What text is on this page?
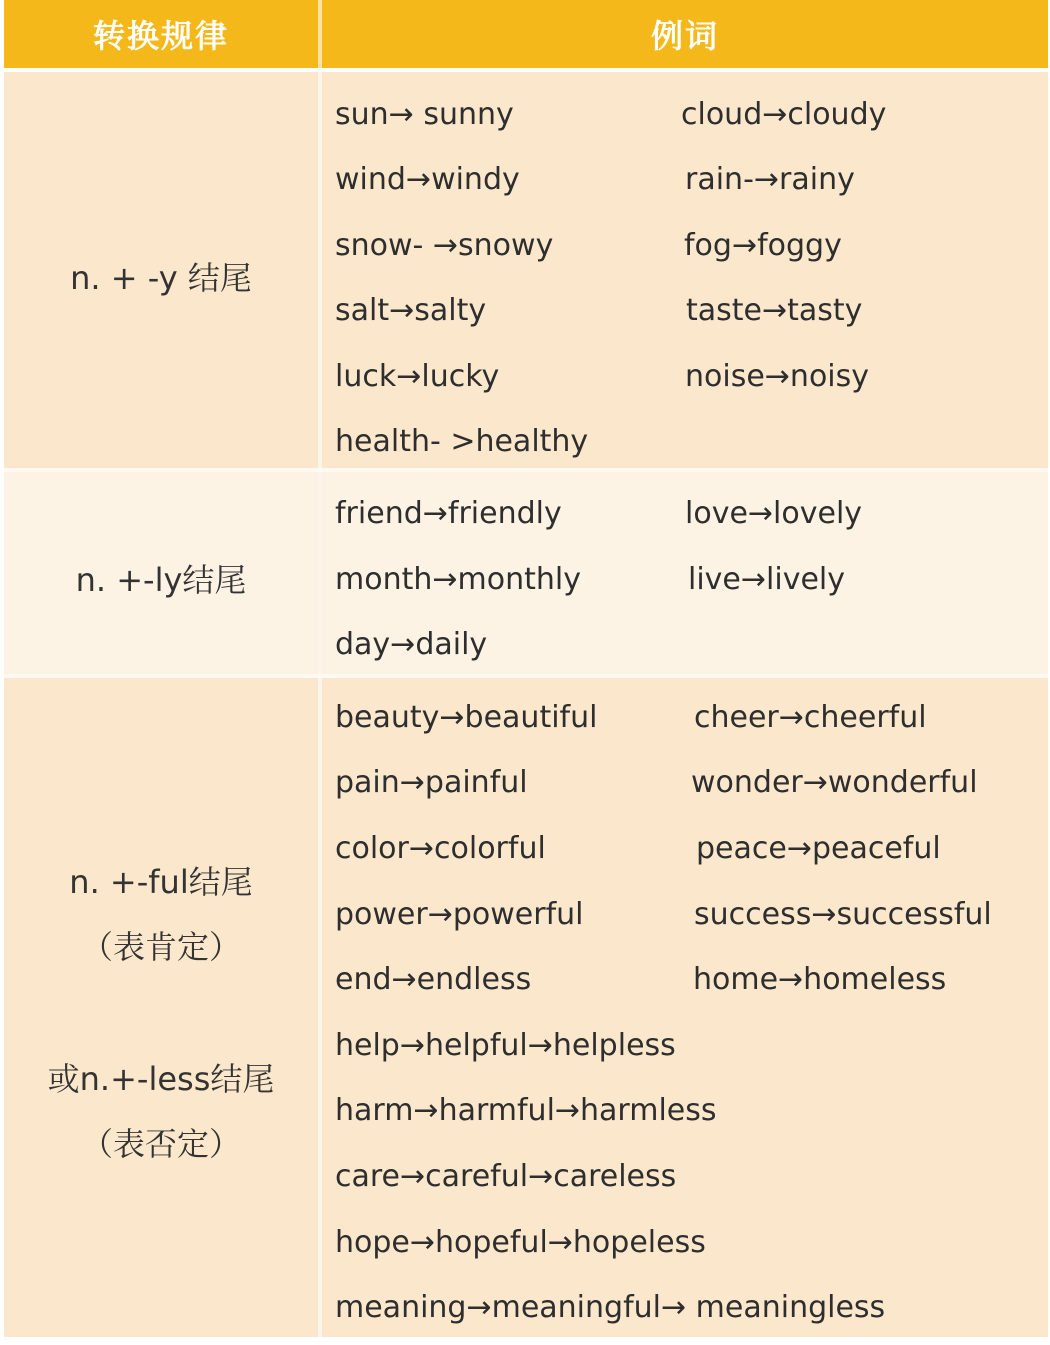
转换规律	例词
n. + -y 结尾
sun→ sunny
wind→windy
snow- →snowy
salt→salty
luck→lucky
health- >healthy
cloud→cloudy
rain-→rainy
fog→foggy
taste→tasty
noise→noisy
n. +-ly结尾
friend→friendly
month→monthly
day→daily
love→lovely
live→lively
n. +-ful结尾
（表肯定）
或n.+-less结尾
（表否定）
beauty→beautiful
pain→painful
color→colorful
power→powerful
end→endless
help→helpful→helpless
harm→harmful→harmless
care→careful→careless
hope→hopeful→hopeless
meaning→meaningful→ meaningless
cheer→cheerful
wonder→wonderful
peace→peaceful
success→successful
home→homeless
